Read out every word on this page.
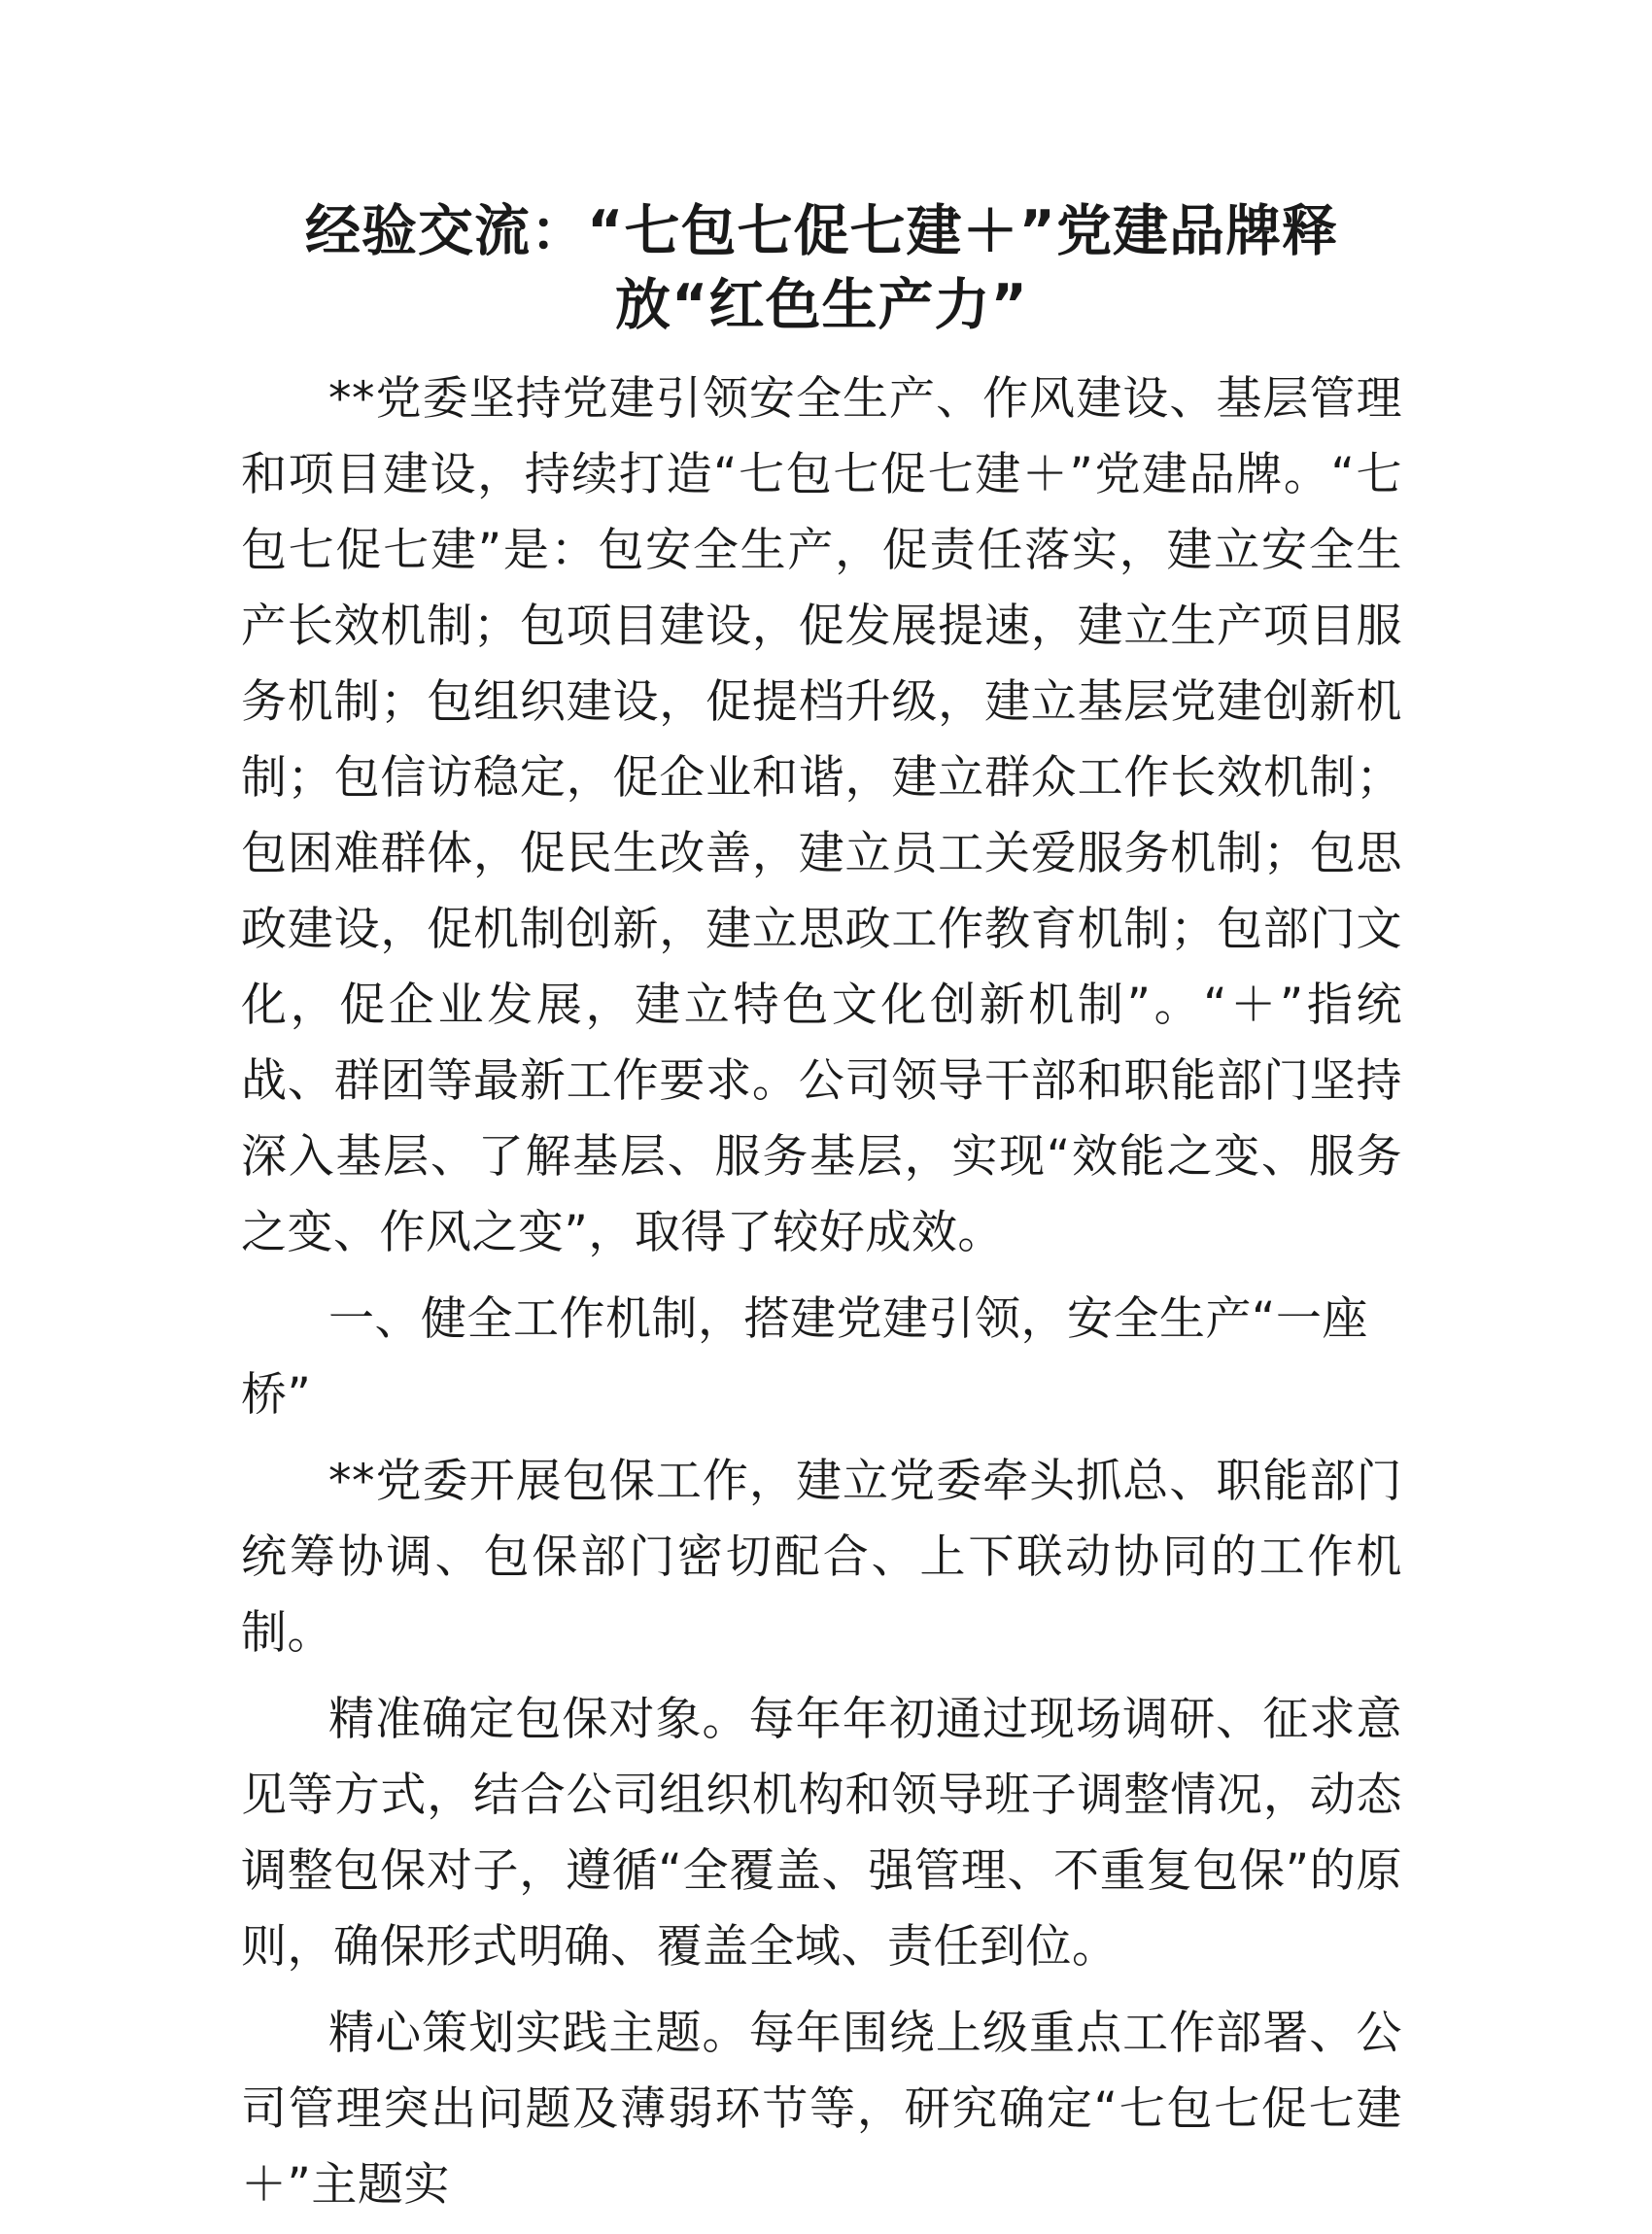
经验交流：“七包七促七建＋”党建品牌释放“红色生产力”

**党委坚持党建引领安全生产、作风建设、基层管理和项目建设，持续打造“七包七促七建＋”党建品牌。“七包七促七建”是：包安全生产，促责任落实，建立安全生产长效机制；包项目建设，促发展提速，建立生产项目服务机制；包组织建设，促提档升级，建立基层党建创新机制；包信访稳定，促企业和谐，建立群众工作长效机制；包困难群体，促民生改善，建立员工关爱服务机制；包思政建设，促机制创新，建立思政工作教育机制；包部门文化，促企业发展，建立特色文化创新机制”。“＋”指统战、群团等最新工作要求。公司领导干部和职能部门坚持深入基层、了解基层、服务基层，实现“效能之变、服务之变、作风之变”，取得了较好成效。

一、健全工作机制，搭建党建引领，安全生产“一座桥”

**党委开展包保工作，建立党委牵头抓总、职能部门统筹协调、包保部门密切配合、上下联动协同的工作机制。

精准确定包保对象。每年年初通过现场调研、征求意见等方式，结合公司组织机构和领导班子调整情况，动态调整包保对子，遵循“全覆盖、强管理、不重复包保”的原则，确保形式明确、覆盖全域、责任到位。

精心策划实践主题。每年围绕上级重点工作部署、公司管理突出问题及薄弱环节等，研究确定“七包七促七建＋”主题实
